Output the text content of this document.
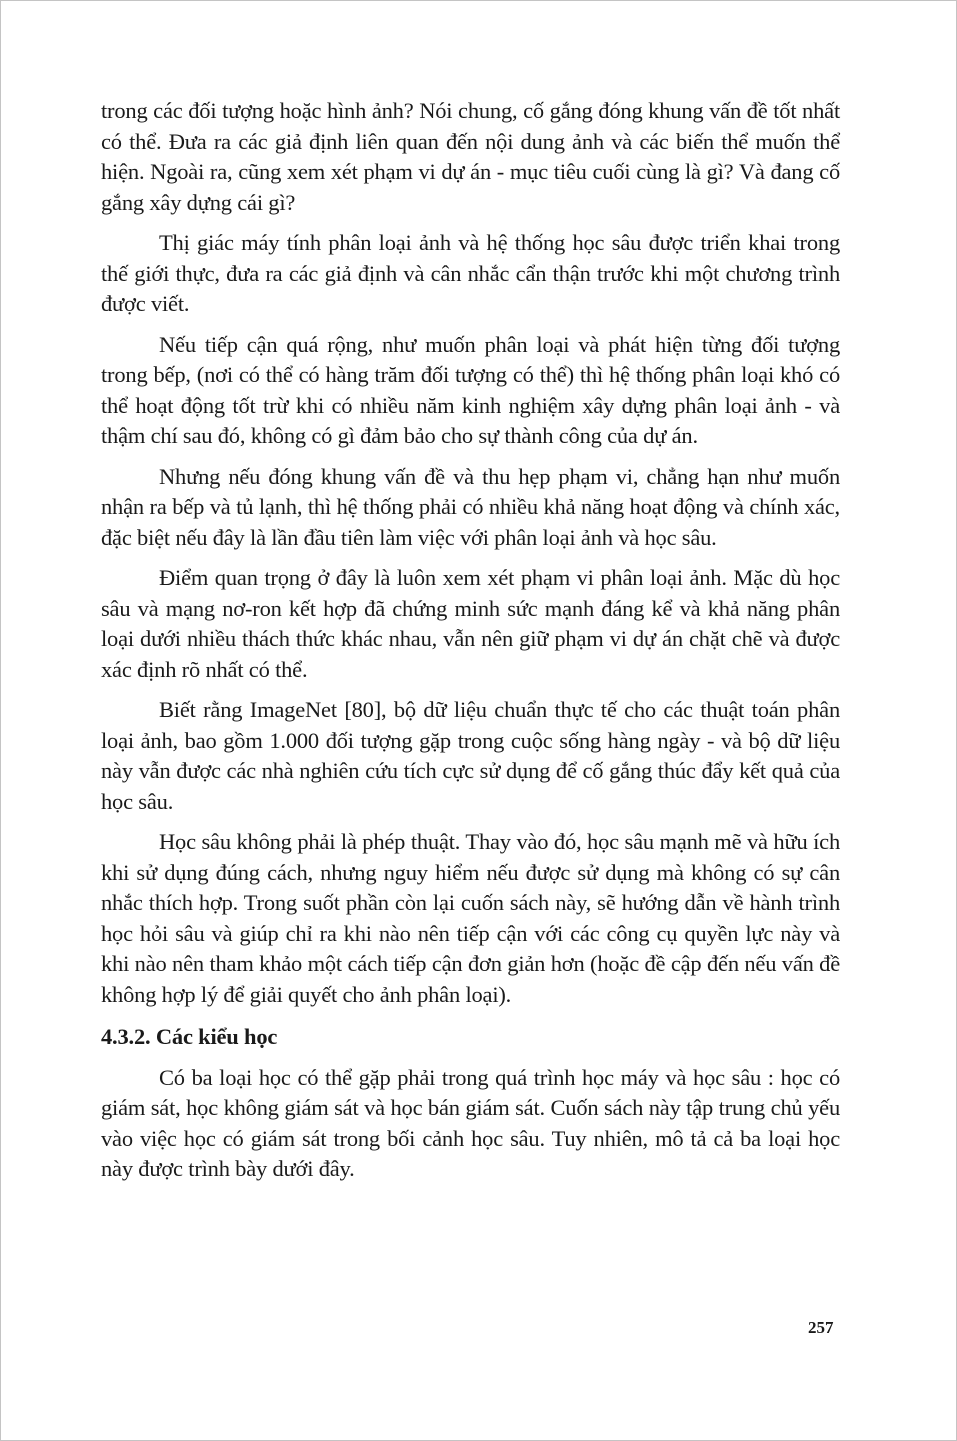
trong các đối tượng hoặc hình ảnh? Nói chung, cố gắng đóng khung vấn đề tốt nhất có thể. Đưa ra các giả định liên quan đến nội dung ảnh và các biến thể muốn thể hiện. Ngoài ra, cũng xem xét phạm vi dự án - mục tiêu cuối cùng là gì? Và đang cố gắng xây dựng cái gì?

Thị giác máy tính phân loại ảnh và hệ thống học sâu được triển khai trong thế giới thực, đưa ra các giả định và cân nhắc cẩn thận trước khi một chương trình được viết.

Nếu tiếp cận quá rộng, như muốn phân loại và phát hiện từng đối tượng trong bếp, (nơi có thể có hàng trăm đối tượng có thể) thì hệ thống phân loại khó có thể hoạt động tốt trừ khi có nhiều năm kinh nghiệm xây dựng phân loại ảnh - và thậm chí sau đó, không có gì đảm bảo cho sự thành công của dự án.

Nhưng nếu đóng khung vấn đề và thu hẹp phạm vi, chẳng hạn như muốn nhận ra bếp và tủ lạnh, thì hệ thống phải có nhiều khả năng hoạt động và chính xác, đặc biệt nếu đây là lần đầu tiên làm việc với phân loại ảnh và học sâu.

Điểm quan trọng ở đây là luôn xem xét phạm vi phân loại ảnh. Mặc dù học sâu và mạng nơ-ron kết hợp đã chứng minh sức mạnh đáng kể và khả năng phân loại dưới nhiều thách thức khác nhau, vẫn nên giữ phạm vi dự án chặt chẽ và được xác định rõ nhất có thể.

Biết rằng ImageNet [80], bộ dữ liệu chuẩn thực tế cho các thuật toán phân loại ảnh, bao gồm 1.000 đối tượng gặp trong cuộc sống hàng ngày - và bộ dữ liệu này vẫn được các nhà nghiên cứu tích cực sử dụng để cố gắng thúc đẩy kết quả của học sâu.

Học sâu không phải là phép thuật. Thay vào đó, học sâu mạnh mẽ và hữu ích khi sử dụng đúng cách, nhưng nguy hiểm nếu được sử dụng mà không có sự cân nhắc thích hợp. Trong suốt phần còn lại cuốn sách này, sẽ hướng dẫn về hành trình học hỏi sâu và giúp chỉ ra khi nào nên tiếp cận với các công cụ quyền lực này và khi nào nên tham khảo một cách tiếp cận đơn giản hơn (hoặc đề cập đến nếu vấn đề không hợp lý để giải quyết cho ảnh phân loại).

4.3.2. Các kiểu học

Có ba loại học có thể gặp phải trong quá trình học máy và học sâu : học có giám sát, học không giám sát và học bán giám sát. Cuốn sách này tập trung chủ yếu vào việc học có giám sát trong bối cảnh học sâu. Tuy nhiên, mô tả cả ba loại học này được trình bày dưới đây.

257
